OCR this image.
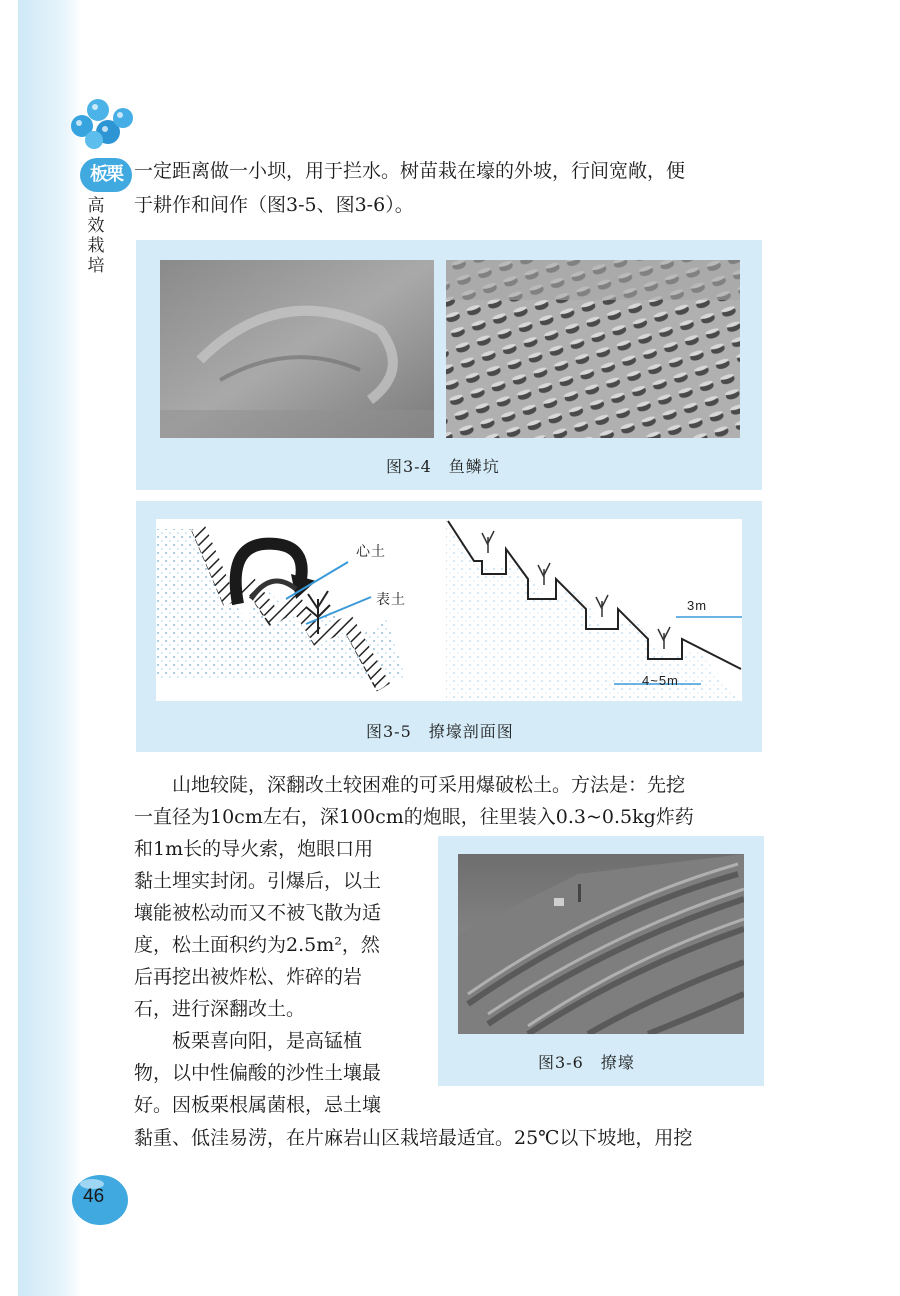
板栗
高
效
栽
培
一定距离做一小坝，用于拦水。树苗栽在壕的外坡，行间宽敞，便
于耕作和间作（图3-5、图3-6）。
图3-4　鱼鳞坑
心土
表土	3m
4~5m
图3-5　撩壕剖面图
　　山地较陡，深翻改土较困难的可采用爆破松土。方法是：先挖
一直径为10cm左右，深100cm的炮眼，往里装入0.3~0.5kg炸药
和1m长的导火索，炮眼口用
黏土埋实封闭。引爆后，以土
壤能被松动而又不被飞散为适
度，松土面积约为2.5m²，然
后再挖出被炸松、炸碎的岩
石，进行深翻改土。
　　板栗喜向阳，是高锰植
物，以中性偏酸的沙性土壤最
好。因板栗根属菌根，忌土壤
图3-6　撩壕
黏重、低洼易涝，在片麻岩山区栽培最适宜。25℃以下坡地，用挖
46
